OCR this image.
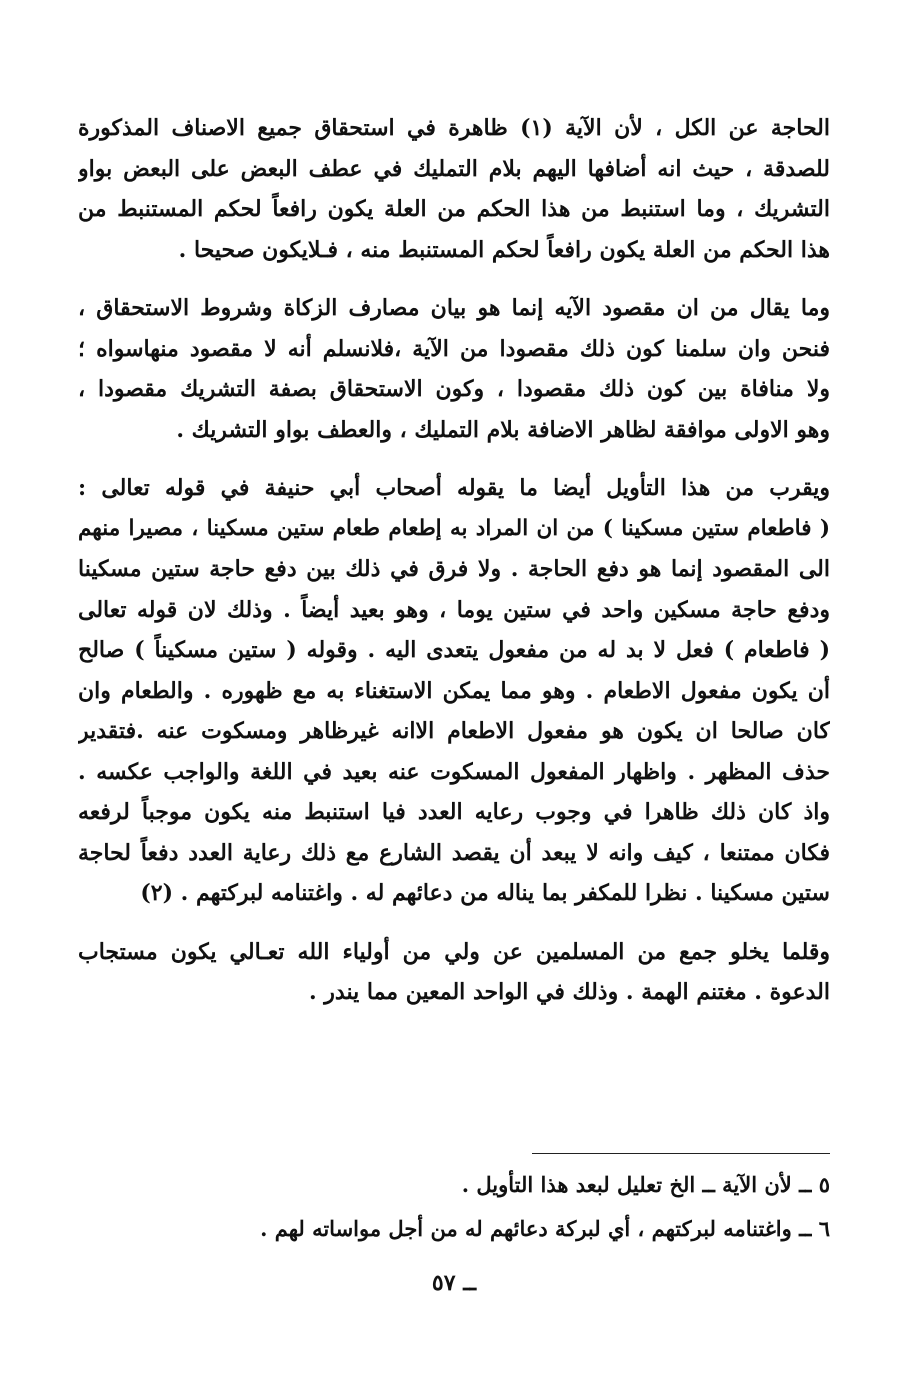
الحاجة عن الكل ، لأن الآية (١) ظاهرة في استحقاق جميع الاصناف المذكورة
للصدقة ، حيث انه أضافها اليهم بلام التمليك في عطف البعض على البعض بواو
التشريك ، وما استنبط من هذا الحكم من العلة يكون رافعاً لحكم المستنبط من
هذا الحكم من العلة يكون رافعاً لحكم المستنبط منه ، فـلايكون صحيحا .
وما يقال من ان مقصود الآيه إنما هو بيان مصارف الزكاة وشروط الاستحقاق ،
فنحن وان سلمنا كون ذلك مقصودا من الآية ،فلانسلم أنه لا مقصود منهاسواه ؛
ولا منافاة بين كون ذلك مقصودا ، وكون الاستحقاق بصفة التشريك مقصودا ،
وهو الاولى موافقة لظاهر الاضافة بلام التمليك ، والعطف بواو التشريك .
ويقرب من هذا التأويل أيضا ما يقوله أصحاب أبي حنيفة في قوله تعالى :
( فاطعام ستين مسكينا ) من ان المراد به إطعام طعام ستين مسكينا ، مصيرا منهم
الى المقصود إنما هو دفع الحاجة . ولا فرق في ذلك بين دفع حاجة ستين مسكينا
ودفع حاجة مسكين واحد في ستين يوما ، وهو بعيد أيضاً . وذلك لان قوله تعالى
( فاطعام ) فعل لا بد له من مفعول يتعدى اليه . وقوله ( ستين مسكيناً ) صالح
أن يكون مفعول الاطعام . وهو مما يمكن الاستغناء به مع ظهوره . والطعام وان
كان صالحا ان يكون هو مفعول الاطعام الاانه غيرظاهر ومسكوت عنه .فتقدير
حذف المظهر . واظهار المفعول المسكوت عنه بعيد في اللغة والواجب عكسه .
واذ كان ذلك ظاهرا في وجوب رعايه العدد فيا استنبط منه يكون موجباً لرفعه
فكان ممتنعا ، كيف وانه لا يبعد أن يقصد الشارع مع ذلك رعاية العدد دفعاً لحاجة
ستين مسكينا . نظرا للمكفر بما يناله من دعائهم له . واغتنامه لبركتهم . (٢)
وقلما يخلو جمع من المسلمين عن ولي من أولياء الله تعـالي يكون مستجاب
الدعوة . مغتنم الهمة . وذلك في الواحد المعين مما يندر .
٥ ــ لأن الآية ــ الخ تعليل لبعد هذا التأويل .
٦ ــ واغتنامه لبركتهم ، أي لبركة دعائهم له من أجل مواساته لهم .
ــ ٥٧
